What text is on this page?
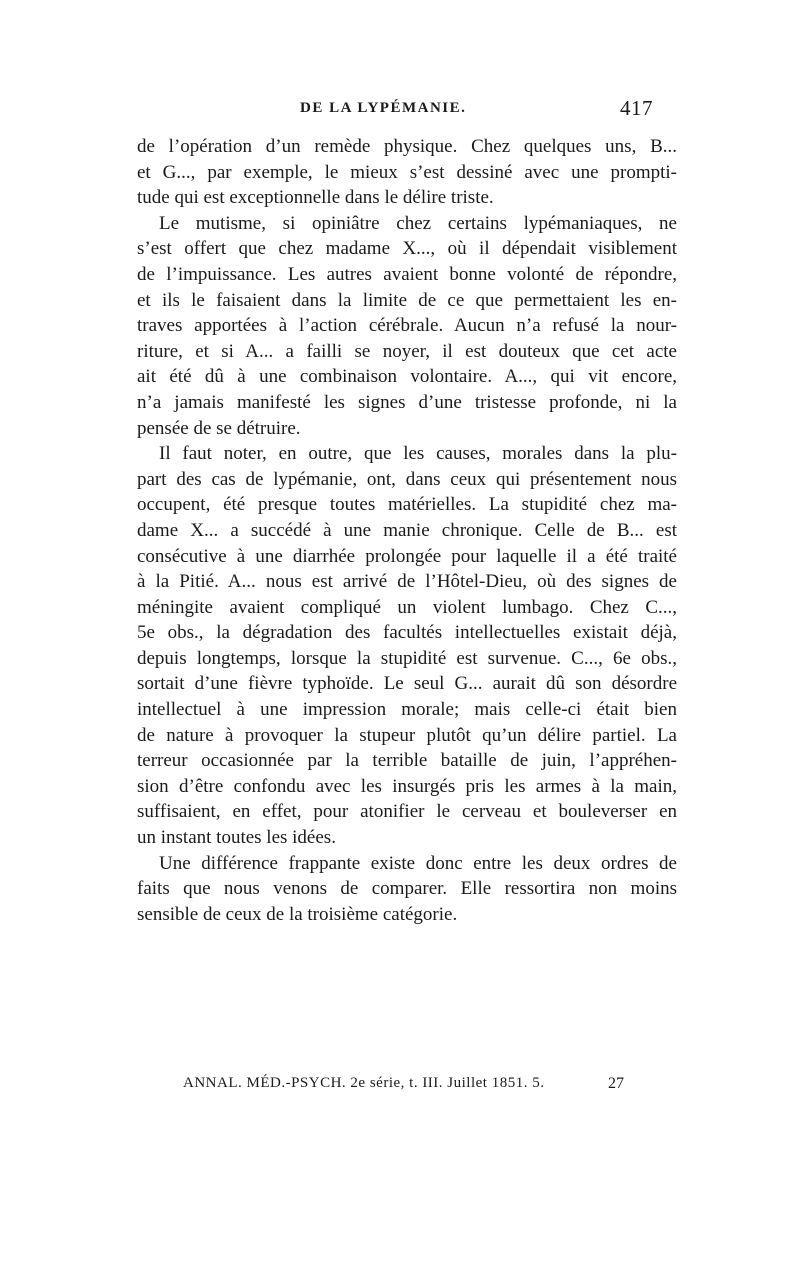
DE LA LYPÉMANIE.	417
de l’opération d’un remède physique. Chez quelques uns, B...
et G..., par exemple, le mieux s’est dessiné avec une prompti-
tude qui est exceptionnelle dans le délire triste.
Le mutisme, si opiniâtre chez certains lypémaniaques, ne
s’est offert que chez madame X..., où il dépendait visiblement
de l’impuissance. Les autres avaient bonne volonté de répondre,
et ils le faisaient dans la limite de ce que permettaient les en-
traves apportées à l’action cérébrale. Aucun n’a refusé la nour-
riture, et si A... a failli se noyer, il est douteux que cet acte
ait été dû à une combinaison volontaire. A..., qui vit encore,
n’a jamais manifesté les signes d’une tristesse profonde, ni la
pensée de se détruire.
Il faut noter, en outre, que les causes, morales dans la plu-
part des cas de lypémanie, ont, dans ceux qui présentement nous
occupent, été presque toutes matérielles. La stupidité chez ma-
dame X... a succédé à une manie chronique. Celle de B... est
consécutive à une diarrhée prolongée pour laquelle il a été traité
à la Pitié. A... nous est arrivé de l’Hôtel-Dieu, où des signes de
méningite avaient compliqué un violent lumbago. Chez C...,
5e obs., la dégradation des facultés intellectuelles existait déjà,
depuis longtemps, lorsque la stupidité est survenue. C..., 6e obs.,
sortait d’une fièvre typhoïde. Le seul G... aurait dû son désordre
intellectuel à une impression morale; mais celle-ci était bien
de nature à provoquer la stupeur plutôt qu’un délire partiel. La
terreur occasionnée par la terrible bataille de juin, l’appréhen-
sion d’être confondu avec les insurgés pris les armes à la main,
suffisaient, en effet, pour atonifier le cerveau et bouleverser en
un instant toutes les idées.
Une différence frappante existe donc entre les deux ordres de
faits que nous venons de comparer. Elle ressortira non moins
sensible de ceux de la troisième catégorie.
ANNAL. MÉD.-PSYCH. 2e série, t. III. Juillet 1851. 5.	27
